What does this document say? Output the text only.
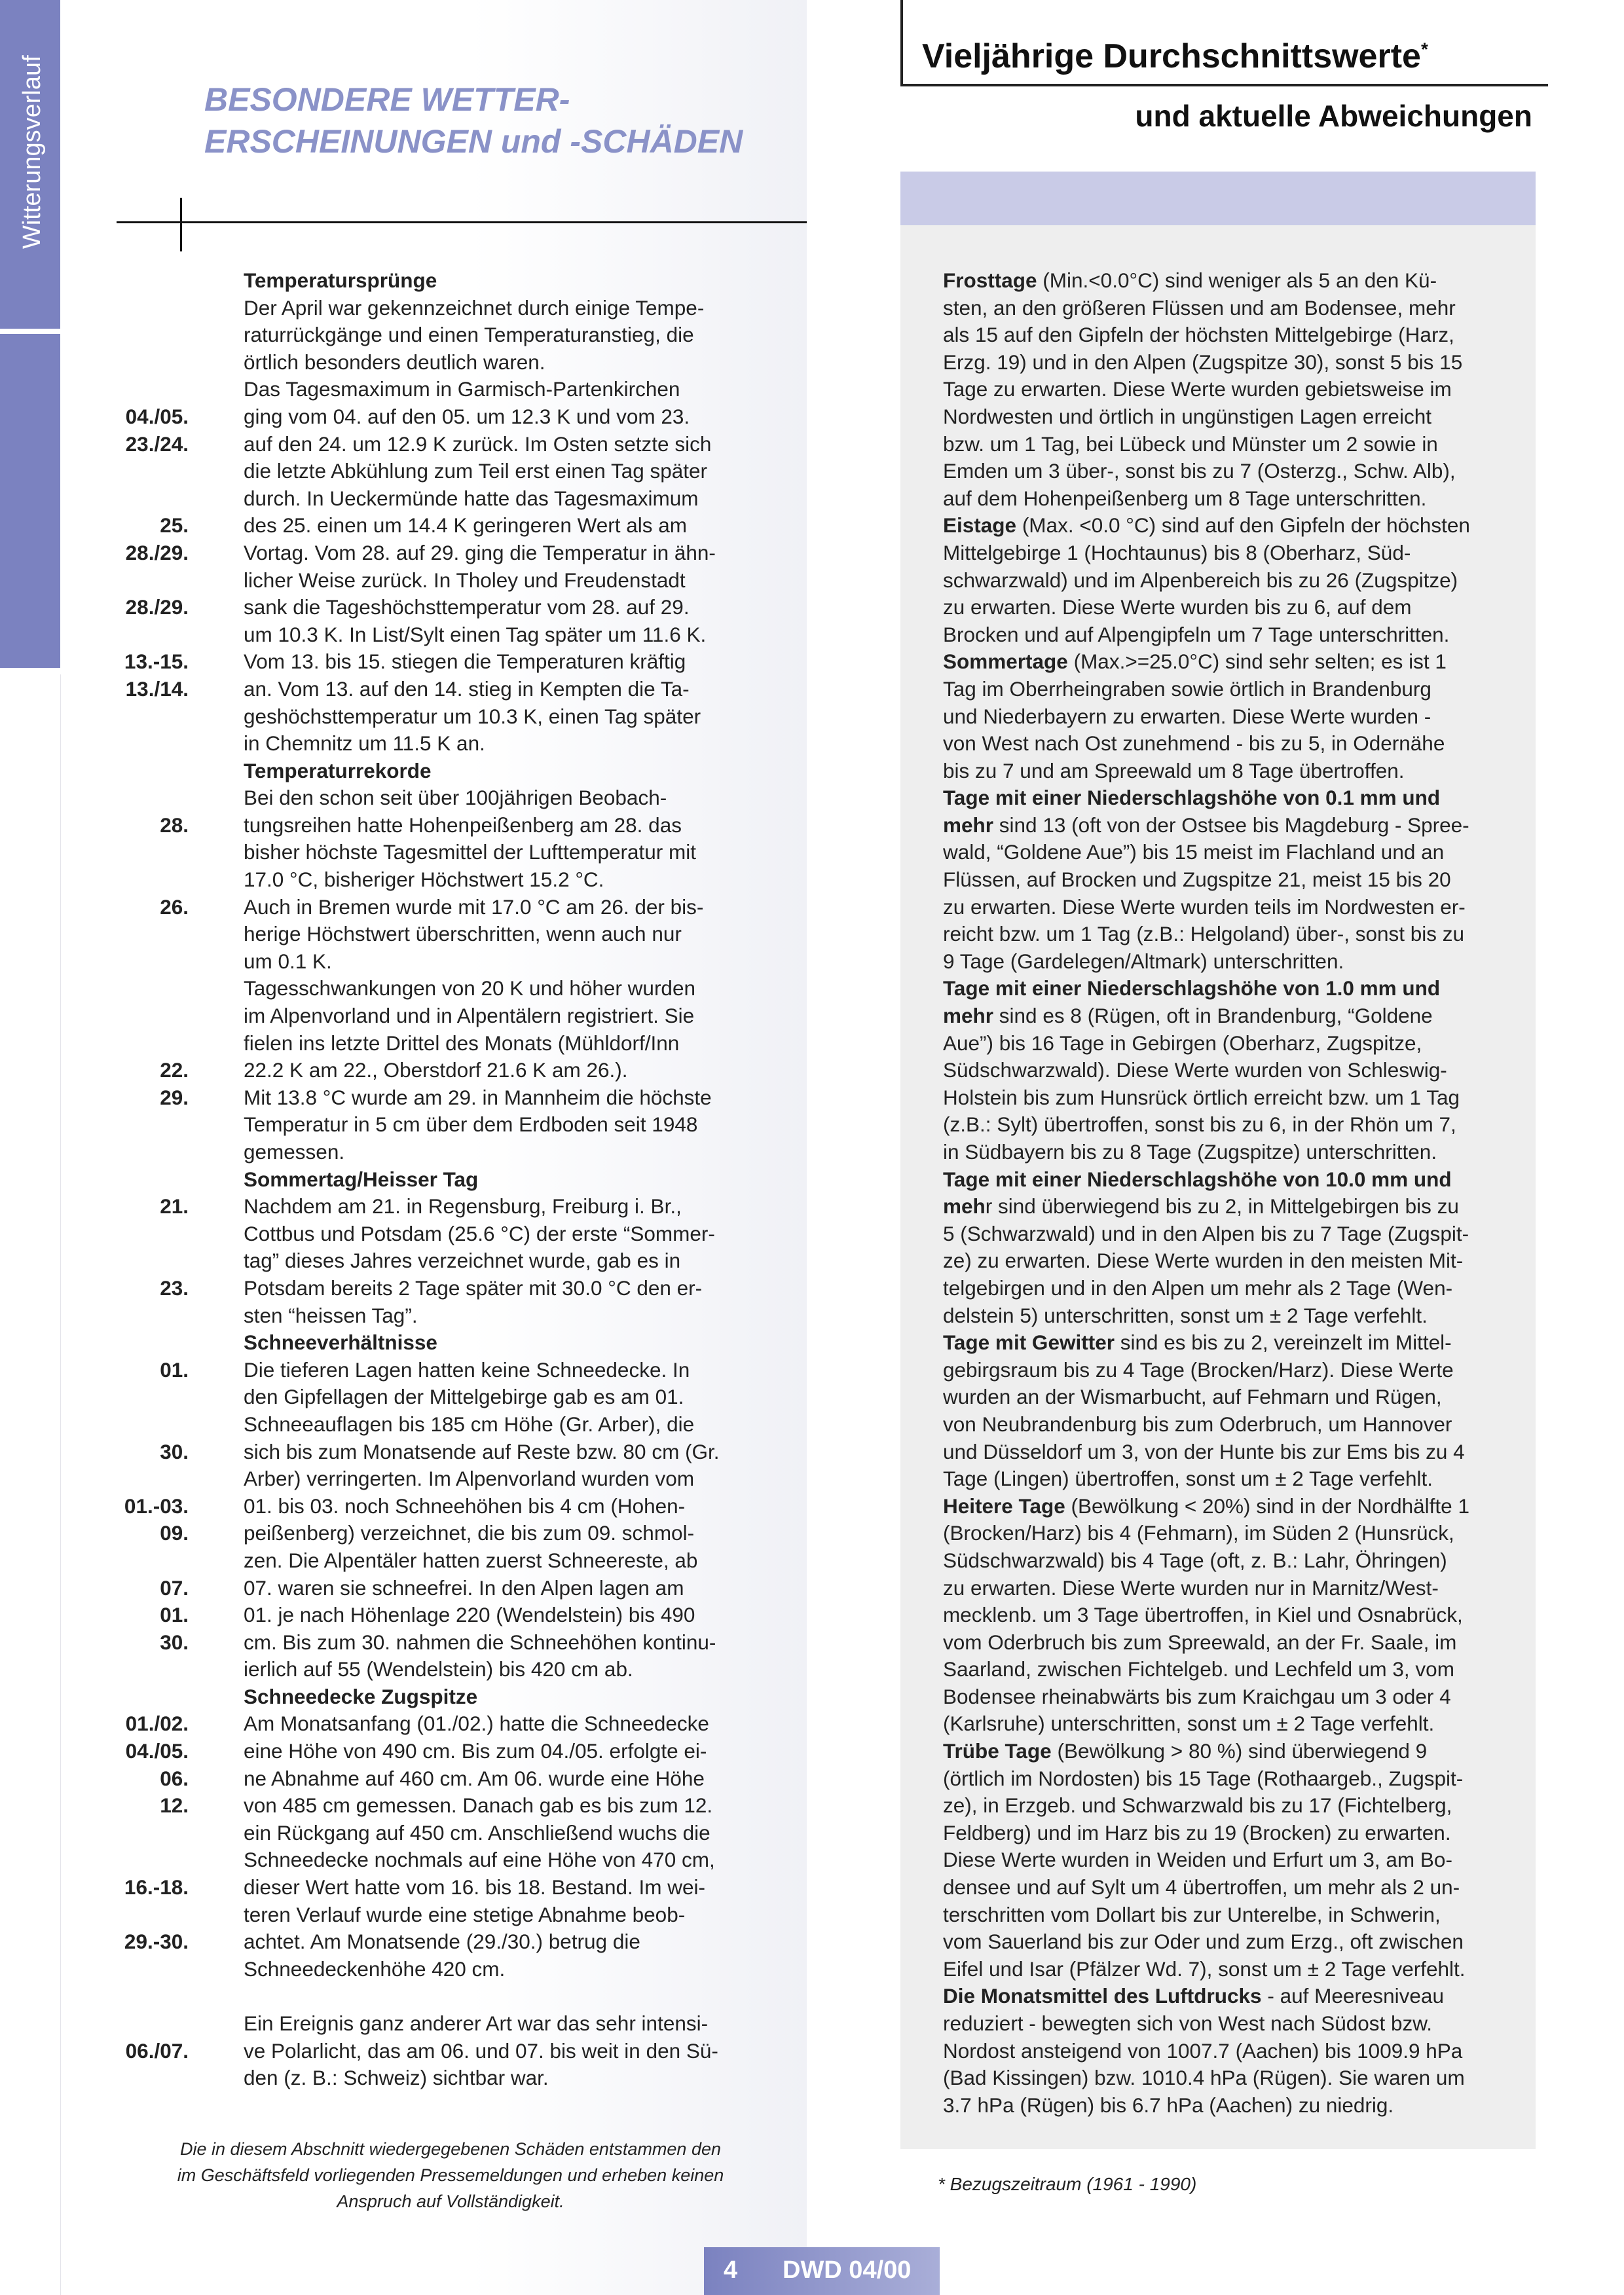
Witterungsverlauf	BESONDERE WETTER-
ERSCHEINUNGEN und -SCHÄDEN
Temperatursprünge
Der April war gekennzeichnet durch einige Tempe-
raturrückgänge und einen Temperaturanstieg, die
örtlich besonders deutlich waren.
Das Tagesmaximum in Garmisch-Partenkirchen
04./05.	ging vom 04. auf den 05. um 12.3 K und vom 23.
23./24.	auf den 24. um 12.9 K zurück. Im Osten setzte sich
die letzte Abkühlung zum Teil erst einen Tag später
durch. In Ueckermünde hatte das Tagesmaximum
25.	des 25. einen um 14.4 K geringeren Wert als am
28./29.	Vortag. Vom 28. auf 29. ging die Temperatur in ähn-
licher Weise zurück. In Tholey und Freudenstadt
28./29.	sank die Tageshöchsttemperatur vom 28. auf 29.
um 10.3 K. In List/Sylt einen Tag später um 11.6 K.
13.-15.	Vom 13. bis 15. stiegen die Temperaturen kräftig
13./14.	an. Vom 13. auf den 14. stieg in Kempten die Ta-
geshöchsttemperatur um 10.3 K, einen Tag später
in Chemnitz um 11.5 K an.
Temperaturrekorde
Bei den schon seit über 100jährigen Beobach-
28.	tungsreihen hatte Hohenpeißenberg am 28. das
bisher höchste Tagesmittel der Lufttemperatur mit
17.0 °C, bisheriger Höchstwert 15.2 °C.
26.	Auch in Bremen wurde mit 17.0 °C am 26. der bis-
herige Höchstwert überschritten, wenn auch nur
um 0.1 K.
Tagesschwankungen von 20 K und höher wurden
im Alpenvorland und in Alpentälern registriert. Sie
fielen ins letzte Drittel des Monats (Mühldorf/Inn
22.	22.2 K am 22., Oberstdorf 21.6 K am 26.).
29.	Mit 13.8 °C wurde am 29. in Mannheim die höchste
Temperatur in 5 cm über dem Erdboden seit 1948
gemessen.
Sommertag/Heisser Tag
21.	Nachdem am 21. in Regensburg, Freiburg i. Br.,
Cottbus und Potsdam (25.6 °C) der erste “Sommer-
tag” dieses Jahres verzeichnet wurde, gab es in
23.	Potsdam bereits 2 Tage später mit 30.0 °C den er-
sten “heissen Tag”.
Schneeverhältnisse
01.	Die tieferen Lagen hatten keine Schneedecke. In
den Gipfellagen der Mittelgebirge gab es am 01.
Schneeauflagen bis 185 cm Höhe (Gr. Arber), die
30.	sich bis zum Monatsende auf Reste bzw. 80 cm (Gr.
Arber) verringerten. Im Alpenvorland wurden vom
01.-03.	01. bis 03. noch Schneehöhen bis 4 cm (Hohen-
09.	peißenberg) verzeichnet, die bis zum 09. schmol-
zen. Die Alpentäler hatten zuerst Schneereste, ab
07.	07. waren sie schneefrei. In den Alpen lagen am
01.	01. je nach Höhenlage 220 (Wendelstein) bis 490
30.	cm. Bis zum 30. nahmen die Schneehöhen kontinu-
ierlich auf 55 (Wendelstein) bis 420 cm ab.
Schneedecke Zugspitze
01./02.	Am Monatsanfang (01./02.) hatte die Schneedecke
04./05.	eine Höhe von 490 cm. Bis zum 04./05. erfolgte ei-
06.	ne Abnahme auf 460 cm. Am 06. wurde eine Höhe
12.	von 485 cm gemessen. Danach gab es bis zum 12.
ein Rückgang auf 450 cm. Anschließend wuchs die
Schneedecke nochmals auf eine Höhe von 470 cm,
16.-18.	dieser Wert hatte vom 16. bis 18. Bestand. Im wei-
teren Verlauf wurde eine stetige Abnahme beob-
29.-30.	achtet. Am Monatsende (29./30.) betrug die
Schneedeckenhöhe 420 cm.
Ein Ereignis ganz anderer Art war das sehr intensi-
06./07.	ve Polarlicht, das am 06. und 07. bis weit in den Sü-
den (z. B.: Schweiz) sichtbar war.
Die in diesem Abschnitt wiedergegebenen Schäden entstammen den
im Geschäftsfeld vorliegenden Pressemeldungen und erheben keinen
Anspruch auf Vollständigkeit.
Vieljährige Durchschnittswerte*
und aktuelle Abweichungen
Frosttage (Min.<0.0°C) sind weniger als 5 an den Kü-
sten, an den größeren Flüssen und am Bodensee, mehr
als 15 auf den Gipfeln der höchsten Mittelgebirge (Harz,
Erzg. 19) und in den Alpen (Zugspitze 30), sonst 5 bis 15
Tage zu erwarten. Diese Werte wurden gebietsweise im
Nordwesten und örtlich in ungünstigen Lagen erreicht
bzw. um 1 Tag, bei Lübeck und Münster um 2 sowie in
Emden um 3 über-, sonst bis zu 7 (Osterzg., Schw. Alb),
auf dem Hohenpeißenberg um 8 Tage unterschritten.
Eistage (Max. <0.0 °C) sind auf den Gipfeln der höchsten
Mittelgebirge 1 (Hochtaunus) bis 8 (Oberharz, Süd-
schwarzwald) und im Alpenbereich bis zu 26 (Zugspitze)
zu erwarten. Diese Werte wurden bis zu 6, auf dem
Brocken und auf Alpengipfeln um 7 Tage unterschritten.
Sommertage (Max.>=25.0°C) sind sehr selten; es ist 1
Tag im Oberrheingraben sowie örtlich in Brandenburg
und Niederbayern zu erwarten. Diese Werte wurden -
von West nach Ost zunehmend - bis zu 5, in Odernähe
bis zu 7 und am Spreewald um 8 Tage übertroffen.
Tage mit einer Niederschlagshöhe von 0.1 mm und
mehr sind 13 (oft von der Ostsee bis Magdeburg - Spree-
wald, “Goldene Aue”) bis 15 meist im Flachland und an
Flüssen, auf Brocken und Zugspitze 21, meist 15 bis 20
zu erwarten. Diese Werte wurden teils im Nordwesten er-
reicht bzw. um 1 Tag (z.B.: Helgoland) über-, sonst bis zu
9 Tage (Gardelegen/Altmark) unterschritten.
Tage mit einer Niederschlagshöhe von 1.0 mm und
mehr sind es 8 (Rügen, oft in Brandenburg, “Goldene
Aue”) bis 16 Tage in Gebirgen (Oberharz, Zugspitze,
Südschwarzwald). Diese Werte wurden von Schleswig-
Holstein bis zum Hunsrück örtlich erreicht bzw. um 1 Tag
(z.B.: Sylt) übertroffen, sonst bis zu 6, in der Rhön um 7,
in Südbayern bis zu 8 Tage (Zugspitze) unterschritten.
Tage mit einer Niederschlagshöhe von 10.0 mm und
mehr sind überwiegend bis zu 2, in Mittelgebirgen bis zu
5 (Schwarzwald) und in den Alpen bis zu 7 Tage (Zugspit-
ze) zu erwarten. Diese Werte wurden in den meisten Mit-
telgebirgen und in den Alpen um mehr als 2 Tage (Wen-
delstein 5) unterschritten, sonst um ± 2 Tage verfehlt.
Tage mit Gewitter sind es bis zu 2, vereinzelt im Mittel-
gebirgsraum bis zu 4 Tage (Brocken/Harz). Diese Werte
wurden an der Wismarbucht, auf Fehmarn und Rügen,
von Neubrandenburg bis zum Oderbruch, um Hannover
und Düsseldorf um 3, von der Hunte bis zur Ems bis zu 4
Tage (Lingen) übertroffen, sonst um ± 2 Tage verfehlt.
Heitere Tage (Bewölkung < 20%) sind in der Nordhälfte 1
(Brocken/Harz) bis 4 (Fehmarn), im Süden 2 (Hunsrück,
Südschwarzwald) bis 4 Tage (oft, z. B.: Lahr, Öhringen)
zu erwarten. Diese Werte wurden nur in Marnitz/West-
mecklenb. um 3 Tage übertroffen, in Kiel und Osnabrück,
vom Oderbruch bis zum Spreewald, an der Fr. Saale, im
Saarland, zwischen Fichtelgeb. und Lechfeld um 3, vom
Bodensee rheinabwärts bis zum Kraichgau um 3 oder 4
(Karlsruhe) unterschritten, sonst um ± 2 Tage verfehlt.
Trübe Tage (Bewölkung > 80 %) sind überwiegend 9
(örtlich im Nordosten) bis 15 Tage (Rothaargeb., Zugspit-
ze), in Erzgeb. und Schwarzwald bis zu 17 (Fichtelberg,
Feldberg) und im Harz bis zu 19 (Brocken) zu erwarten.
Diese Werte wurden in Weiden und Erfurt um 3, am Bo-
densee und auf Sylt um 4 übertroffen, um mehr als 2 un-
terschritten vom Dollart bis zur Unterelbe, in Schwerin,
vom Sauerland bis zur Oder und zum Erzg., oft zwischen
Eifel und Isar (Pfälzer Wd. 7), sonst um ± 2 Tage verfehlt.
Die Monatsmittel des Luftdrucks - auf Meeresniveau
reduziert - bewegten sich von West nach Südost bzw.
Nordost ansteigend von 1007.7 (Aachen) bis 1009.9 hPa
(Bad Kissingen) bzw. 1010.4 hPa (Rügen). Sie waren um
3.7 hPa (Rügen) bis 6.7 hPa (Aachen) zu niedrig.
* Bezugszeitraum (1961 - 1990)
4 DWD 04/00
